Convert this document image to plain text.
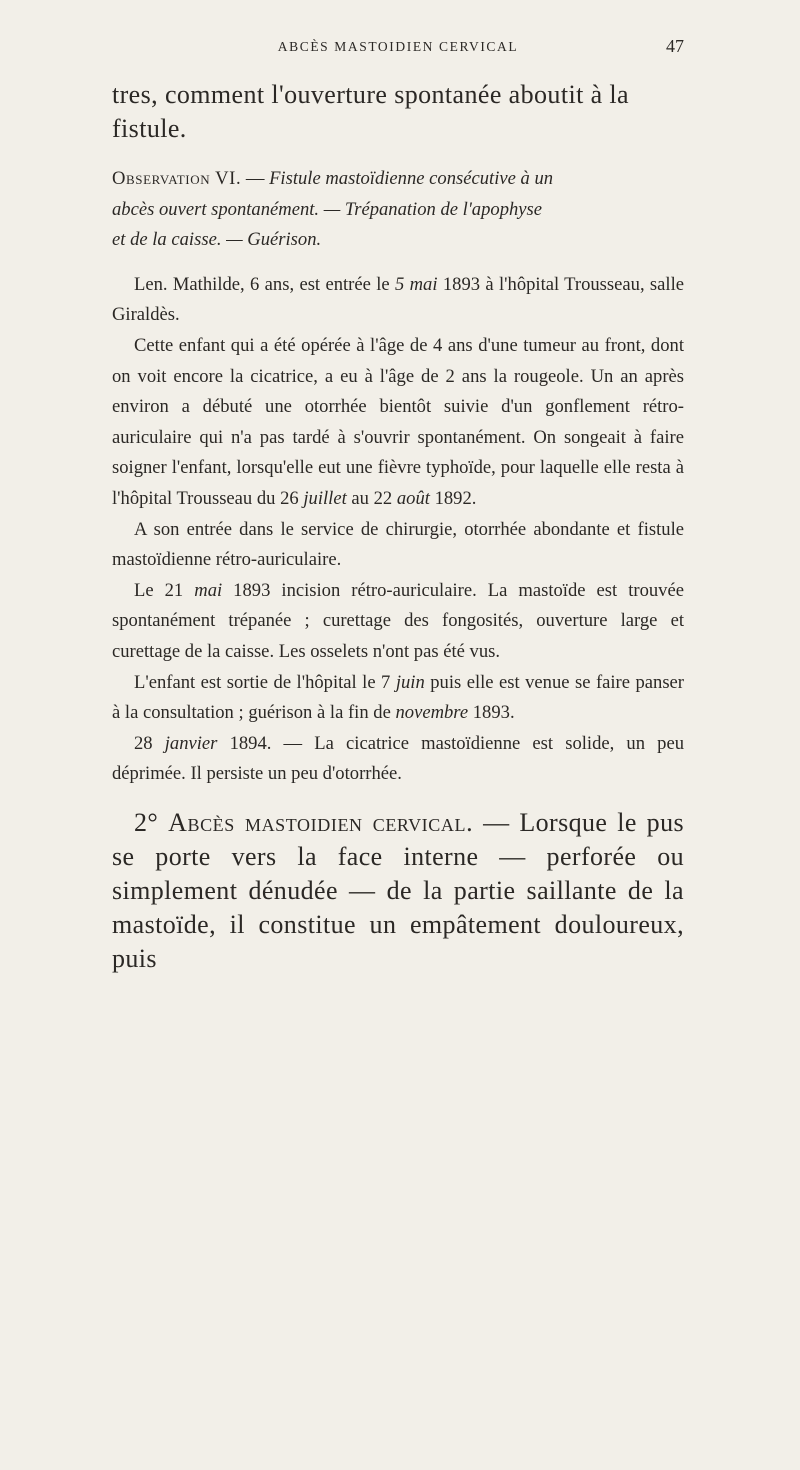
ABCÈS MASTOIDIEN CERVICAL	47

tres, comment l'ouverture spontanée aboutit à la
fistule.

Observation VI. — Fistule mastoïdienne consécutive à un
abcès ouvert spontanément. — Trépanation de l'apophyse
et de la caisse. — Guérison.

Len. Mathilde, 6 ans, est entrée le 5 mai 1893 à l'hôpital Trousseau, salle Giraldès.

Cette enfant qui a été opérée à l'âge de 4 ans d'une tumeur au front, dont on voit encore la cicatrice, a eu à l'âge de 2 ans la rougeole. Un an après environ a débuté une otorrhée bientôt suivie d'un gonflement rétro-auriculaire qui n'a pas tardé à s'ouvrir spontanément. On songeait à faire soigner l'enfant, lorsqu'elle eut une fièvre typhoïde, pour laquelle elle resta à l'hôpital Trousseau du 26 juillet au 22 août 1892.

A son entrée dans le service de chirurgie, otorrhée abondante et fistule mastoïdienne rétro-auriculaire.

Le 21 mai 1893 incision rétro-auriculaire. La mastoïde est trouvée spontanément trépanée ; curettage des fongosités, ouverture large et curettage de la caisse. Les osselets n'ont pas été vus.

L'enfant est sortie de l'hôpital le 7 juin puis elle est venue se faire panser à la consultation ; guérison à la fin de novembre 1893.

28 janvier 1894. — La cicatrice mastoïdienne est solide, un peu déprimée. Il persiste un peu d'otorrhée.

2° Abcès mastoidien cervical. — Lorsque le pus se porte vers la face interne — perforée ou simplement dénudée — de la partie saillante de la mastoïde, il constitue un empâtement douloureux, puis
